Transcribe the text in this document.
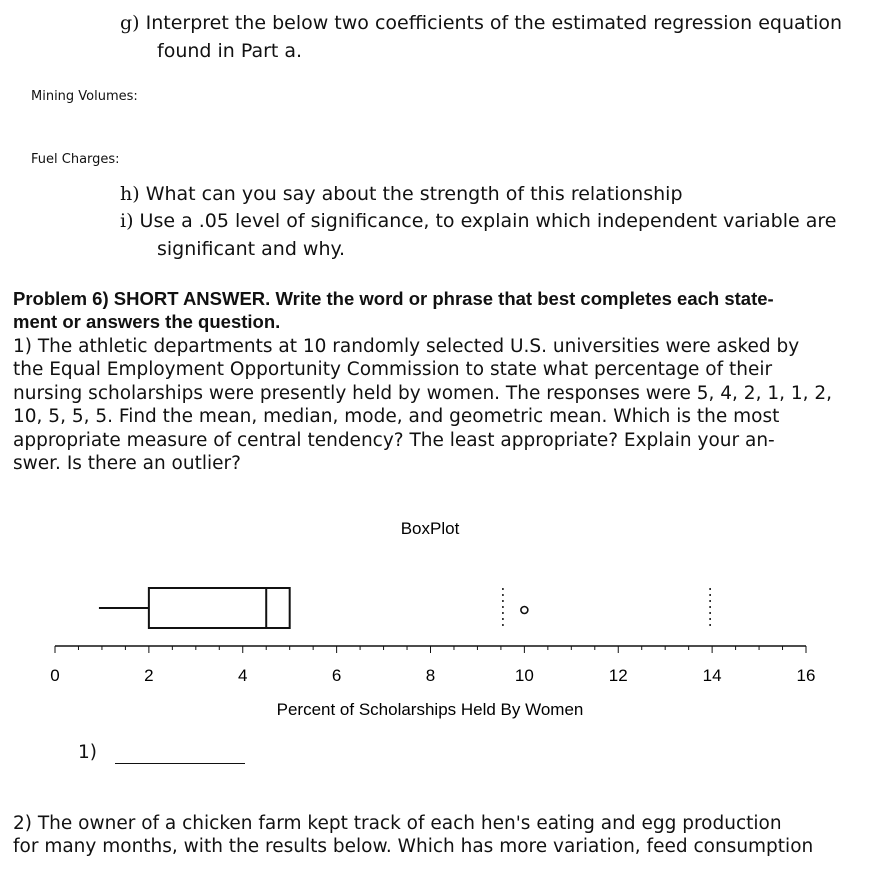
g) Interpret the below two coefficients of the estimated regression equation
found in Part a.
Mining Volumes:
Fuel Charges:
h) What can you say about the strength of this relationship
i) Use a .05 level of significance, to explain which independent variable are
significant and why.
Problem 6) SHORT ANSWER. Write the word or phrase that best completes each state-
ment or answers the question.
1) The athletic departments at 10 randomly selected U.S. universities were asked by
the Equal Employment Opportunity Commission to state what percentage of their
nursing scholarships were presently held by women. The responses were 5, 4, 2, 1, 1, 2,
10, 5, 5, 5. Find the mean, median, mode, and geometric mean. Which is the most
appropriate measure of central tendency? The least appropriate? Explain your an-
swer. Is there an outlier?
BoxPlot
0	2	4	6	8	10	12	14	16
Percent of Scholarships Held By Women
1)
2) The owner of a chicken farm kept track of each hen's eating and egg production
for many months, with the results below. Which has more variation, feed consumption
